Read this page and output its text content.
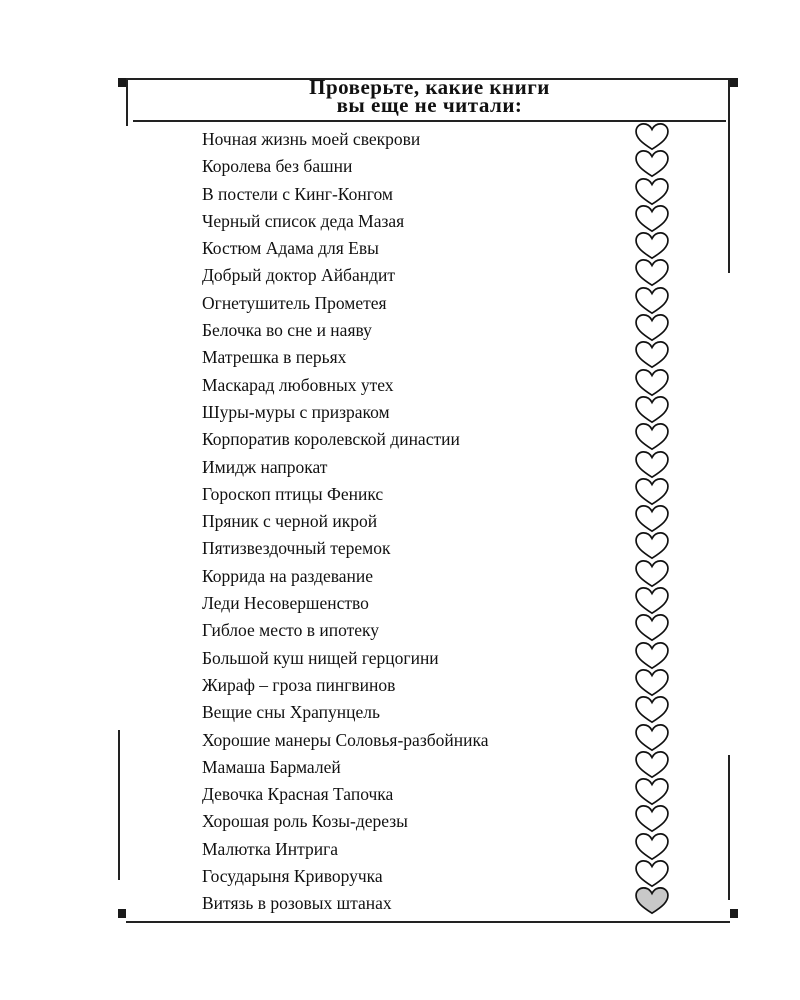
Проверьте, какие книги
вы еще не читали:
Ночная жизнь моей свекрови
Королева без башни
В постели с Кинг-Конгом
Черный список деда Мазая
Костюм Адама для Евы
Добрый доктор Айбандит
Огнетушитель Прометея
Белочка во сне и наяву
Матрешка в перьях
Маскарад любовных утех
Шуры-муры с призраком
Корпоратив королевской династии
Имидж напрокат
Гороскоп птицы Феникс
Пряник с черной икрой
Пятизвездочный теремок
Коррида на раздевание
Леди Несовершенство
Гиблое место в ипотеку
Большой куш нищей герцогини
Жираф – гроза пингвинов
Вещие сны Храпунцель
Хорошие манеры Соловья-разбойника
Мамаша Бармалей
Девочка Красная Тапочка
Хорошая роль Козы-дерезы
Малютка Интрига
Государыня Криворучка
Витязь в розовых штанах
